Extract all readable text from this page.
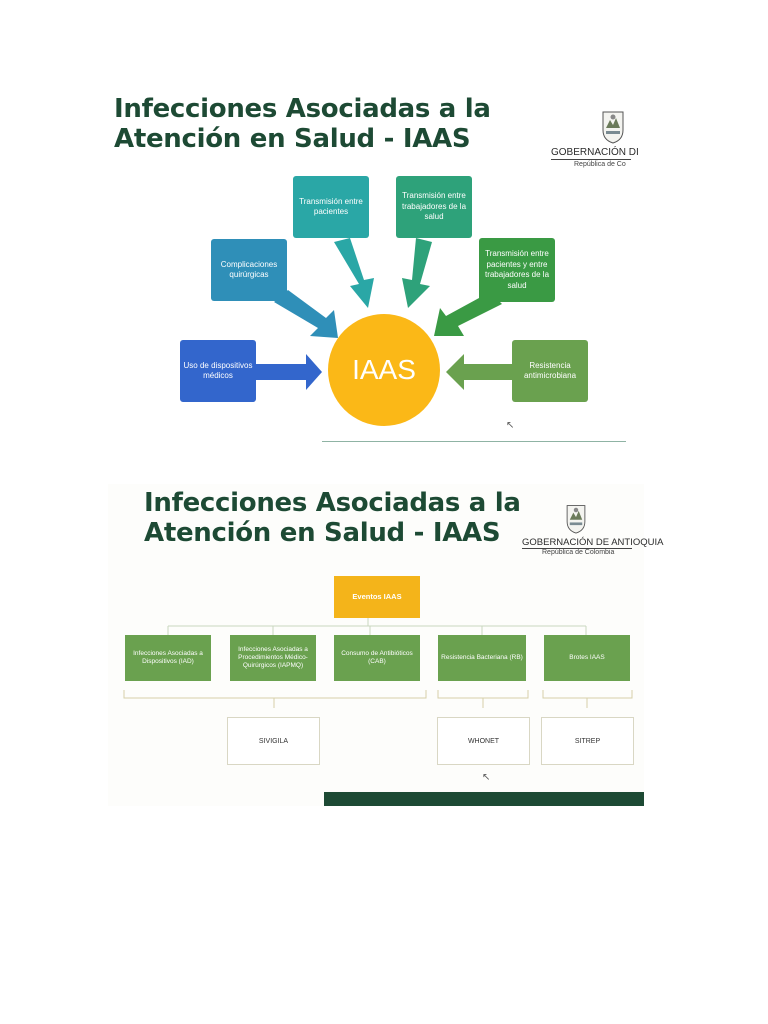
Infecciones Asociadas a la
Atención en Salud - IAAS	GOBERNACIÓN DI
República de Co
IAAS
Uso de dispositivos médicos
Complicaciones quirúrgicas
Transmisión entre pacientes
Transmisión entre trabajadores de la salud
Transmisión entre pacientes y entre trabajadores de la salud
Resistencia antimicrobiana
↖
Infecciones Asociadas a la
Atención en Salud - IAAS	GOBERNACIÓN DE ANTIOQUIA
República de Colombia
Eventos IAAS
Infecciones Asociadas a Dispositivos (IAD)
Infecciones Asociadas a Procedimientos Médico-Quirúrgicos (IAPMQ)
Consumo de Antibióticos (CAB)
Resistencia Bacteriana (RB)	Brotes IAAS
SIVIGILA	WHONET	SITREP
↖
